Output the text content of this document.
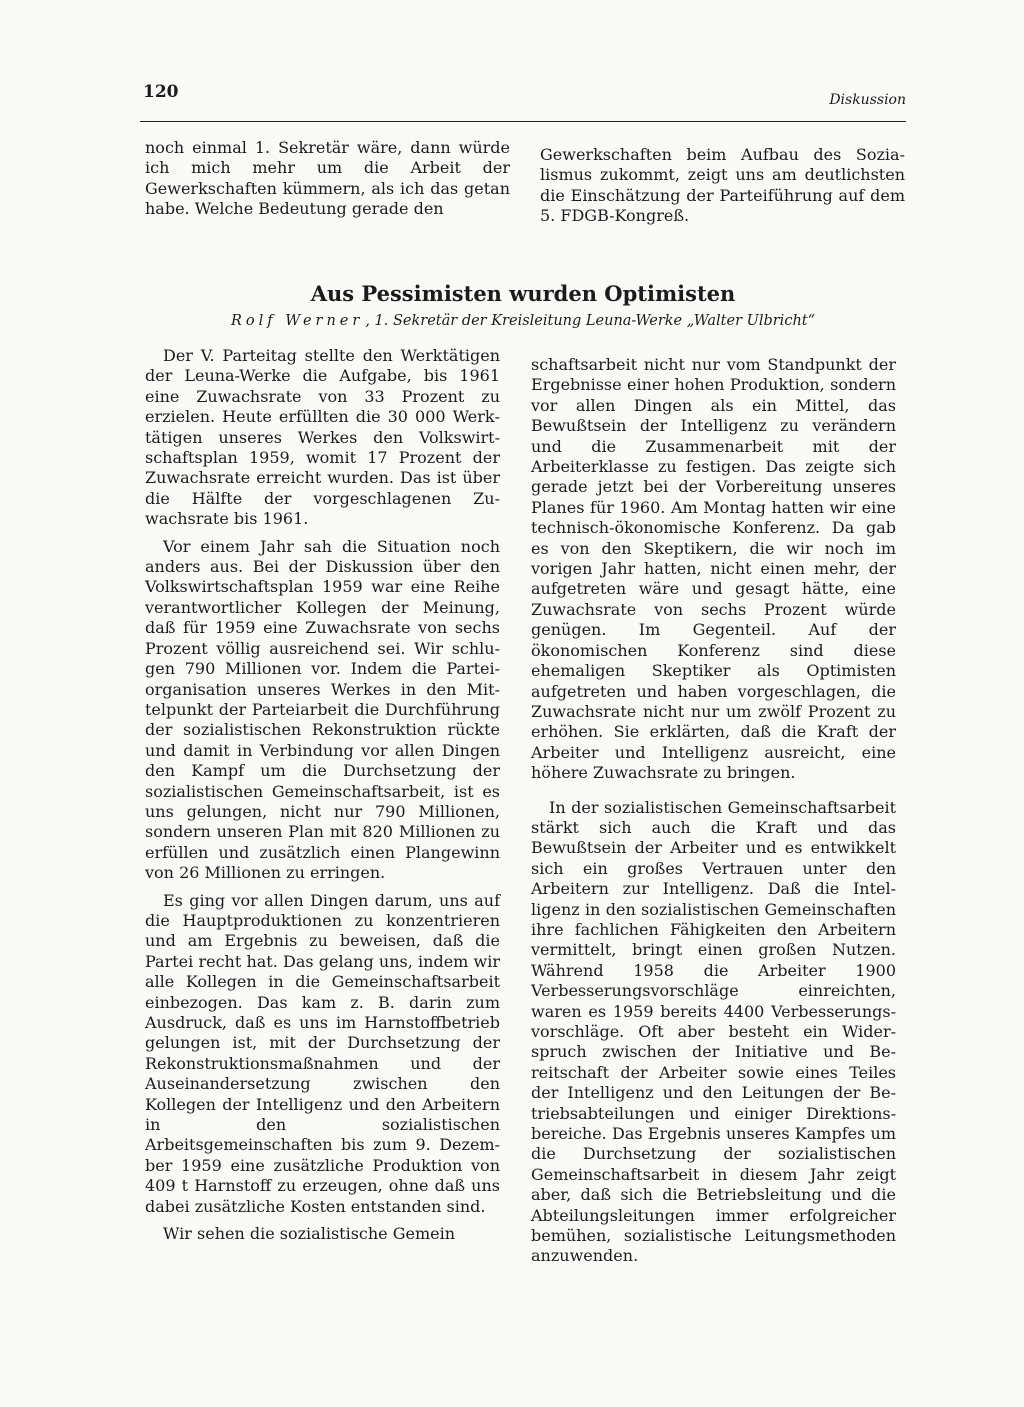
120	Diskussion

noch einmal 1. Sekretär wäre, dann würde ich mich mehr um die Arbeit der Gewerkschaften kümmern, als ich das getan habe. Welche Bedeutung gerade den

Gewerkschaften beim Aufbau des Sozialismus zukommt, zeigt uns am deutlichsten die Einschätzung der Parteiführung auf dem 5. FDGB-Kongreß.

Aus Pessimisten wurden Optimisten

Rolf Werner , 1. Sekretär der Kreisleitung Leuna-Werke „Walter Ulbricht“

Der V. Parteitag stellte den Werktätigen der Leuna-Werke die Aufgabe, bis 1961 eine Zuwachsrate von 33 Prozent zu erzielen. Heute erfüllten die 30 000 Werktätigen unseres Werkes den Volkswirtschaftsplan 1959, womit 17 Prozent der Zuwachsrate erreicht wurden. Das ist über die Hälfte der vorgeschlagenen Zuwachsrate bis 1961.

Vor einem Jahr sah die Situation noch anders aus. Bei der Diskussion über den Volkswirtschaftsplan 1959 war eine Reihe verantwortlicher Kollegen der Meinung, daß für 1959 eine Zuwachsrate von sechs Prozent völlig ausreichend sei. Wir schlugen 790 Millionen vor. Indem die Parteiorganisation unseres Werkes in den Mittelpunkt der Parteiarbeit die Durchführung der sozialistischen Rekonstruktion rückte und damit in Verbindung vor allen Dingen den Kampf um die Durchsetzung der sozialistischen Gemeinschaftsarbeit, ist es uns gelungen, nicht nur 790 Millionen, sondern unseren Plan mit 820 Millionen zu erfüllen und zusätzlich einen Plangewinn von 26 Millionen zu erringen.

Es ging vor allen Dingen darum, uns auf die Hauptproduktionen zu konzentrieren und am Ergebnis zu beweisen, daß die Partei recht hat. Das gelang uns, indem wir alle Kollegen in die Gemeinschaftsarbeit einbezogen. Das kam z. B. darin zum Ausdruck, daß es uns im Harnstoffbetrieb gelungen ist, mit der Durchsetzung der Rekonstruktionsmaßnahmen und der Auseinandersetzung zwischen den Kollegen der Intelligenz und den Arbeitern in den sozialistischen Arbeitsgemeinschaften bis zum 9. Dezember 1959 eine zusätzliche Produktion von 409 t Harnstoff zu erzeugen, ohne daß uns dabei zusätzliche Kosten entstanden sind.

Wir sehen die sozialistische Gemein

schaftsarbeit nicht nur vom Standpunkt der Ergebnisse einer hohen Produktion, sondern vor allen Dingen als ein Mittel, das Bewußtsein der Intelligenz zu verändern und die Zusammenarbeit mit der Arbeiterklasse zu festigen. Das zeigte sich gerade jetzt bei der Vorbereitung unseres Planes für 1960. Am Montag hatten wir eine technisch-ökonomische Konferenz. Da gab es von den Skeptikern, die wir noch im vorigen Jahr hatten, nicht einen mehr, der aufgetreten wäre und gesagt hätte, eine Zuwachsrate von sechs Prozent würde genügen. Im Gegenteil. Auf der ökonomischen Konferenz sind diese ehemaligen Skeptiker als Optimisten aufgetreten und haben vorgeschlagen, die Zuwachsrate nicht nur um zwölf Prozent zu erhöhen. Sie erklärten, daß die Kraft der Arbeiter und Intelligenz ausreicht, eine höhere Zuwachsrate zu bringen.

In der sozialistischen Gemeinschaftsarbeit stärkt sich auch die Kraft und das Bewußtsein der Arbeiter und es entwikkelt sich ein großes Vertrauen unter den Arbeitern zur Intelligenz. Daß die Intelligenz in den sozialistischen Gemeinschaften ihre fachlichen Fähigkeiten den Arbeitern vermittelt, bringt einen großen Nutzen. Während 1958 die Arbeiter 1900 Verbesserungsvorschläge einreichten, waren es 1959 bereits 4400 Verbesserungsvorschläge. Oft aber besteht ein Widerspruch zwischen der Initiative und Bereitschaft der Arbeiter sowie eines Teiles der Intelligenz und den Leitungen der Betriebsabteilungen und einiger Direktionsbereiche. Das Ergebnis unseres Kampfes um die Durchsetzung der sozialistischen Gemeinschaftsarbeit in diesem Jahr zeigt aber, daß sich die Betriebsleitung und die Abteilungsleitungen immer erfolgreicher bemühen, sozialistische Leitungsmethoden anzuwenden.
